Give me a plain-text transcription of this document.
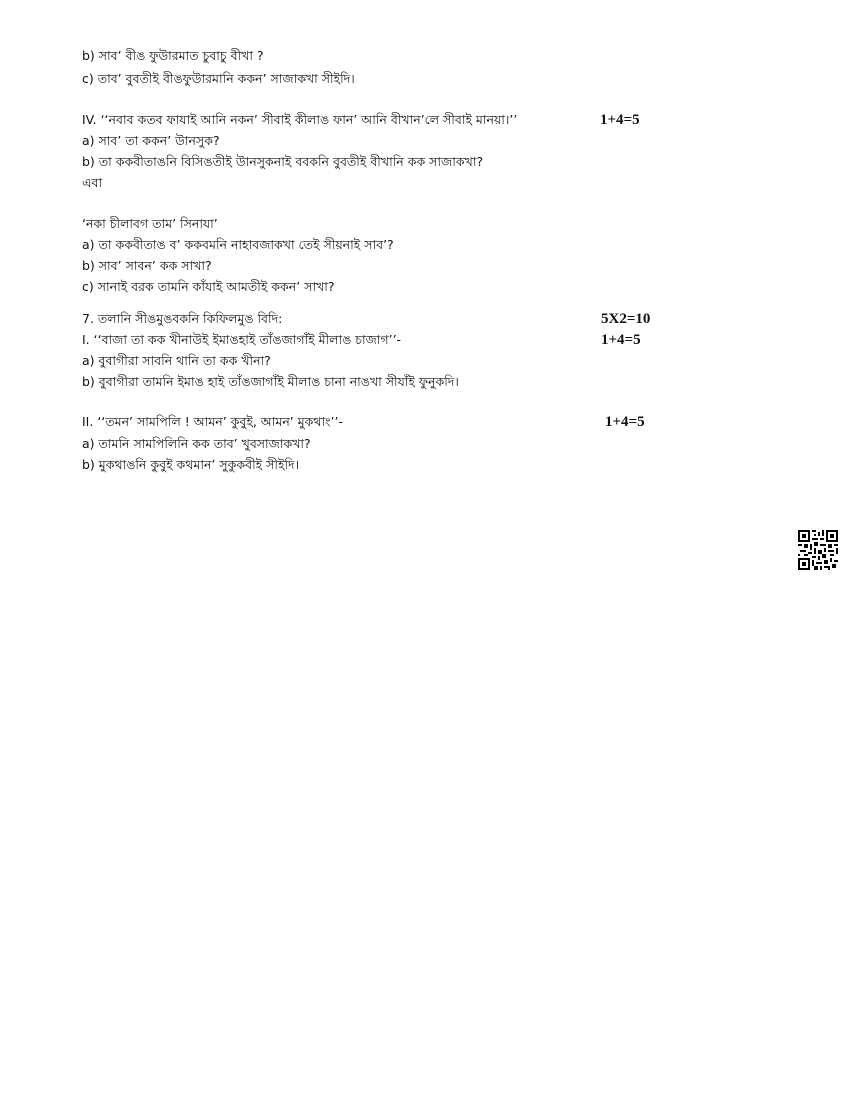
b) সাব’ বীঙ ফুউারমাত চুবাচু বীখা ?
c) তাব’ বুবতীই বীঙফুউারমানি ককন’ সাজাকখা সীইদি।
IV. ‘‘নবাব কতব ফাযাই আনি নকন’ সীবাই কীলাঙ ফান’ আনি বীখান’লে সীবাই মানয়া।’’	1+4=5
a) সাব’ তা ককন’ উানসুক?
b) তা ককবীতাঙনি বিসিঙতীই উানসুকনাই ববকনি বুবতীই বীখানি কক সাজাকখা?
এবা
‘নকা চীলাবগ তাম’ সিনাযা’
a) তা ককবীতাঙ ব’ ককবমনি নাহাবজাকখা তেই সীয়নাই সাব’?
b) সাব’ সাবন’ কক সাখা?
c) সানাই বরক তামনি কাঁযাই আমতীই ককন’ সাখা?
7. তলানি সীঙমুঙবকনি কিফিলমুঙ বিদি:	5X2=10
I. ‘‘বাজা তা কক খীনাউই ইমাঙহাই তাঁঙজাগাঁই মীলাঙ চাজাগ’’-	1+4=5
a) বুবাগীরা সাবনি থানি তা কক খীনা?
b) বুবাগীরা তামনি ইমাঙ হাই তাঁঙজাগাঁই মীলাঙ চানা নাঙখা সীযাঁই ফুনুকদি।
II. ‘‘তমন’ সামপিলি ! আমন’ কুবুই, আমন’ মুকথাং’’-	1+4=5
a) তামনি সামপিলিনি কক তাব’ খুবসাজাকখা?
b) মুকথাঙনি কুবুই কথমান’ সুকুকবীই সীইদি।
